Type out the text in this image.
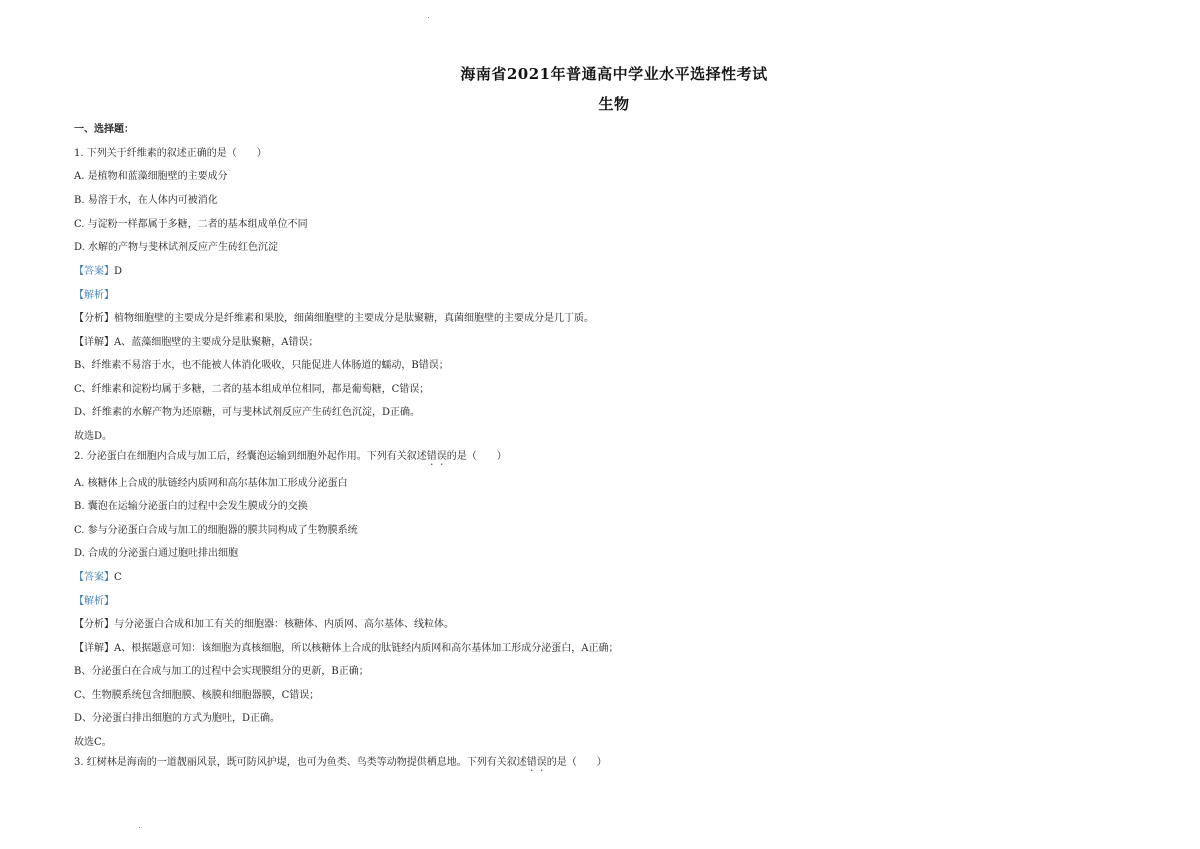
海南省2021年普通高中学业水平选择性考试
生物
一、选择题：
1. 下列关于纤维素的叙述正确的是（　　）
A. 是植物和蓝藻细胞壁的主要成分
B. 易溶于水，在人体内可被消化
C. 与淀粉一样都属于多糖，二者的基本组成单位不同
D. 水解的产物与斐林试剂反应产生砖红色沉淀
【答案】D
【解析】
【分析】植物细胞壁的主要成分是纤维素和果胶，细菌细胞壁的主要成分是肽聚糖，真菌细胞壁的主要成分是几丁质。
【详解】A、蓝藻细胞壁的主要成分是肽聚糖，A错误；
B、纤维素不易溶于水，也不能被人体消化吸收，只能促进人体肠道的蠕动，B错误；
C、纤维素和淀粉均属于多糖，二者的基本组成单位相同，都是葡萄糖，C错误；
D、纤维素的水解产物为还原糖，可与斐林试剂反应产生砖红色沉淀，D正确。
故选D。
2. 分泌蛋白在细胞内合成与加工后，经囊泡运输到细胞外起作用。下列有关叙述错误的是（　　）
A. 核糖体上合成的肽链经内质网和高尔基体加工形成分泌蛋白
B. 囊泡在运输分泌蛋白的过程中会发生膜成分的交换
C. 参与分泌蛋白合成与加工的细胞器的膜共同构成了生物膜系统
D. 合成的分泌蛋白通过胞吐排出细胞
【答案】C
【解析】
【分析】与分泌蛋白合成和加工有关的细胞器：核糖体、内质网、高尔基体、线粒体。
【详解】A、根据题意可知：该细胞为真核细胞，所以核糖体上合成的肽链经内质网和高尔基体加工形成分泌蛋白，A正确；
B、分泌蛋白在合成与加工的过程中会实现膜组分的更新，B正确；
C、生物膜系统包含细胞膜、核膜和细胞器膜，C错误；
D、分泌蛋白排出细胞的方式为胞吐，D正确。
故选C。
3. 红树林是海南的一道靓丽风景，既可防风护堤，也可为鱼类、鸟类等动物提供栖息地。下列有关叙述错误的是（　　）
